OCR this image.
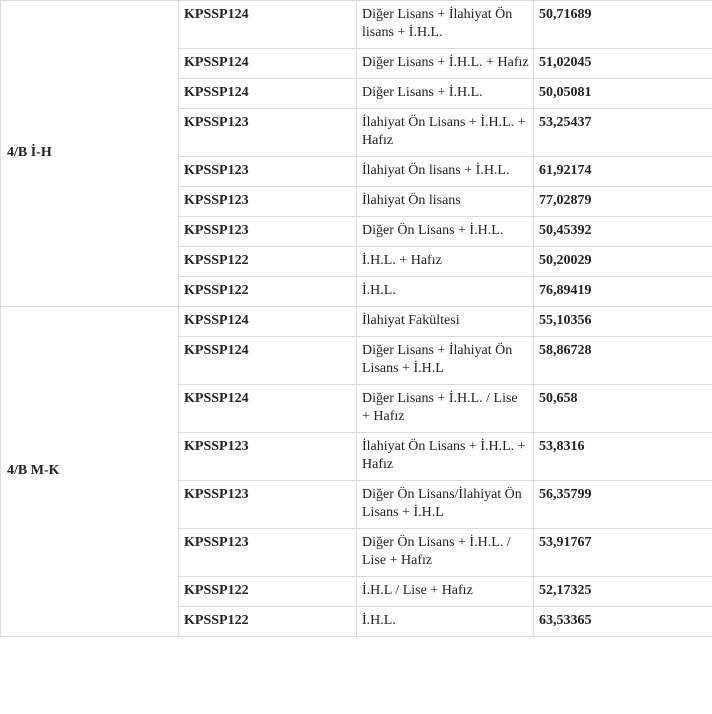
4/B İ-H	KPSSP124	Diğer Lisans + İlahiyat Ön lisans + İ.H.L.	50,71689
	KPSSP124	Diğer Lisans + İ.H.L. + Hafız	51,02045
	KPSSP124	Diğer Lisans + İ.H.L.	50,05081
	KPSSP123	İlahiyat Ön Lisans + İ.H.L. + Hafız	53,25437
	KPSSP123	İlahiyat Ön lisans + İ.H.L.	61,92174
	KPSSP123	İlahiyat Ön lisans	77,02879
	KPSSP123	Diğer Ön Lisans + İ.H.L.	50,45392
	KPSSP122	İ.H.L. + Hafız	50,20029
	KPSSP122	İ.H.L.	76,89419
4/B M-K	KPSSP124	İlahiyat Fakültesi	55,10356
	KPSSP124	Diğer Lisans + İlahiyat Ön Lisans + İ.H.L	58,86728
	KPSSP124	Diğer Lisans + İ.H.L. / Lise + Hafız	50,658
	KPSSP123	İlahiyat Ön Lisans + İ.H.L. + Hafız	53,8316
	KPSSP123	Diğer Ön Lisans/İlahiyat Ön Lisans + İ.H.L	56,35799
	KPSSP123	Diğer Ön Lisans + İ.H.L. / Lise + Hafız	53,91767
	KPSSP122	İ.H.L / Lise + Hafız	52,17325
	KPSSP122	İ.H.L.	63,53365
